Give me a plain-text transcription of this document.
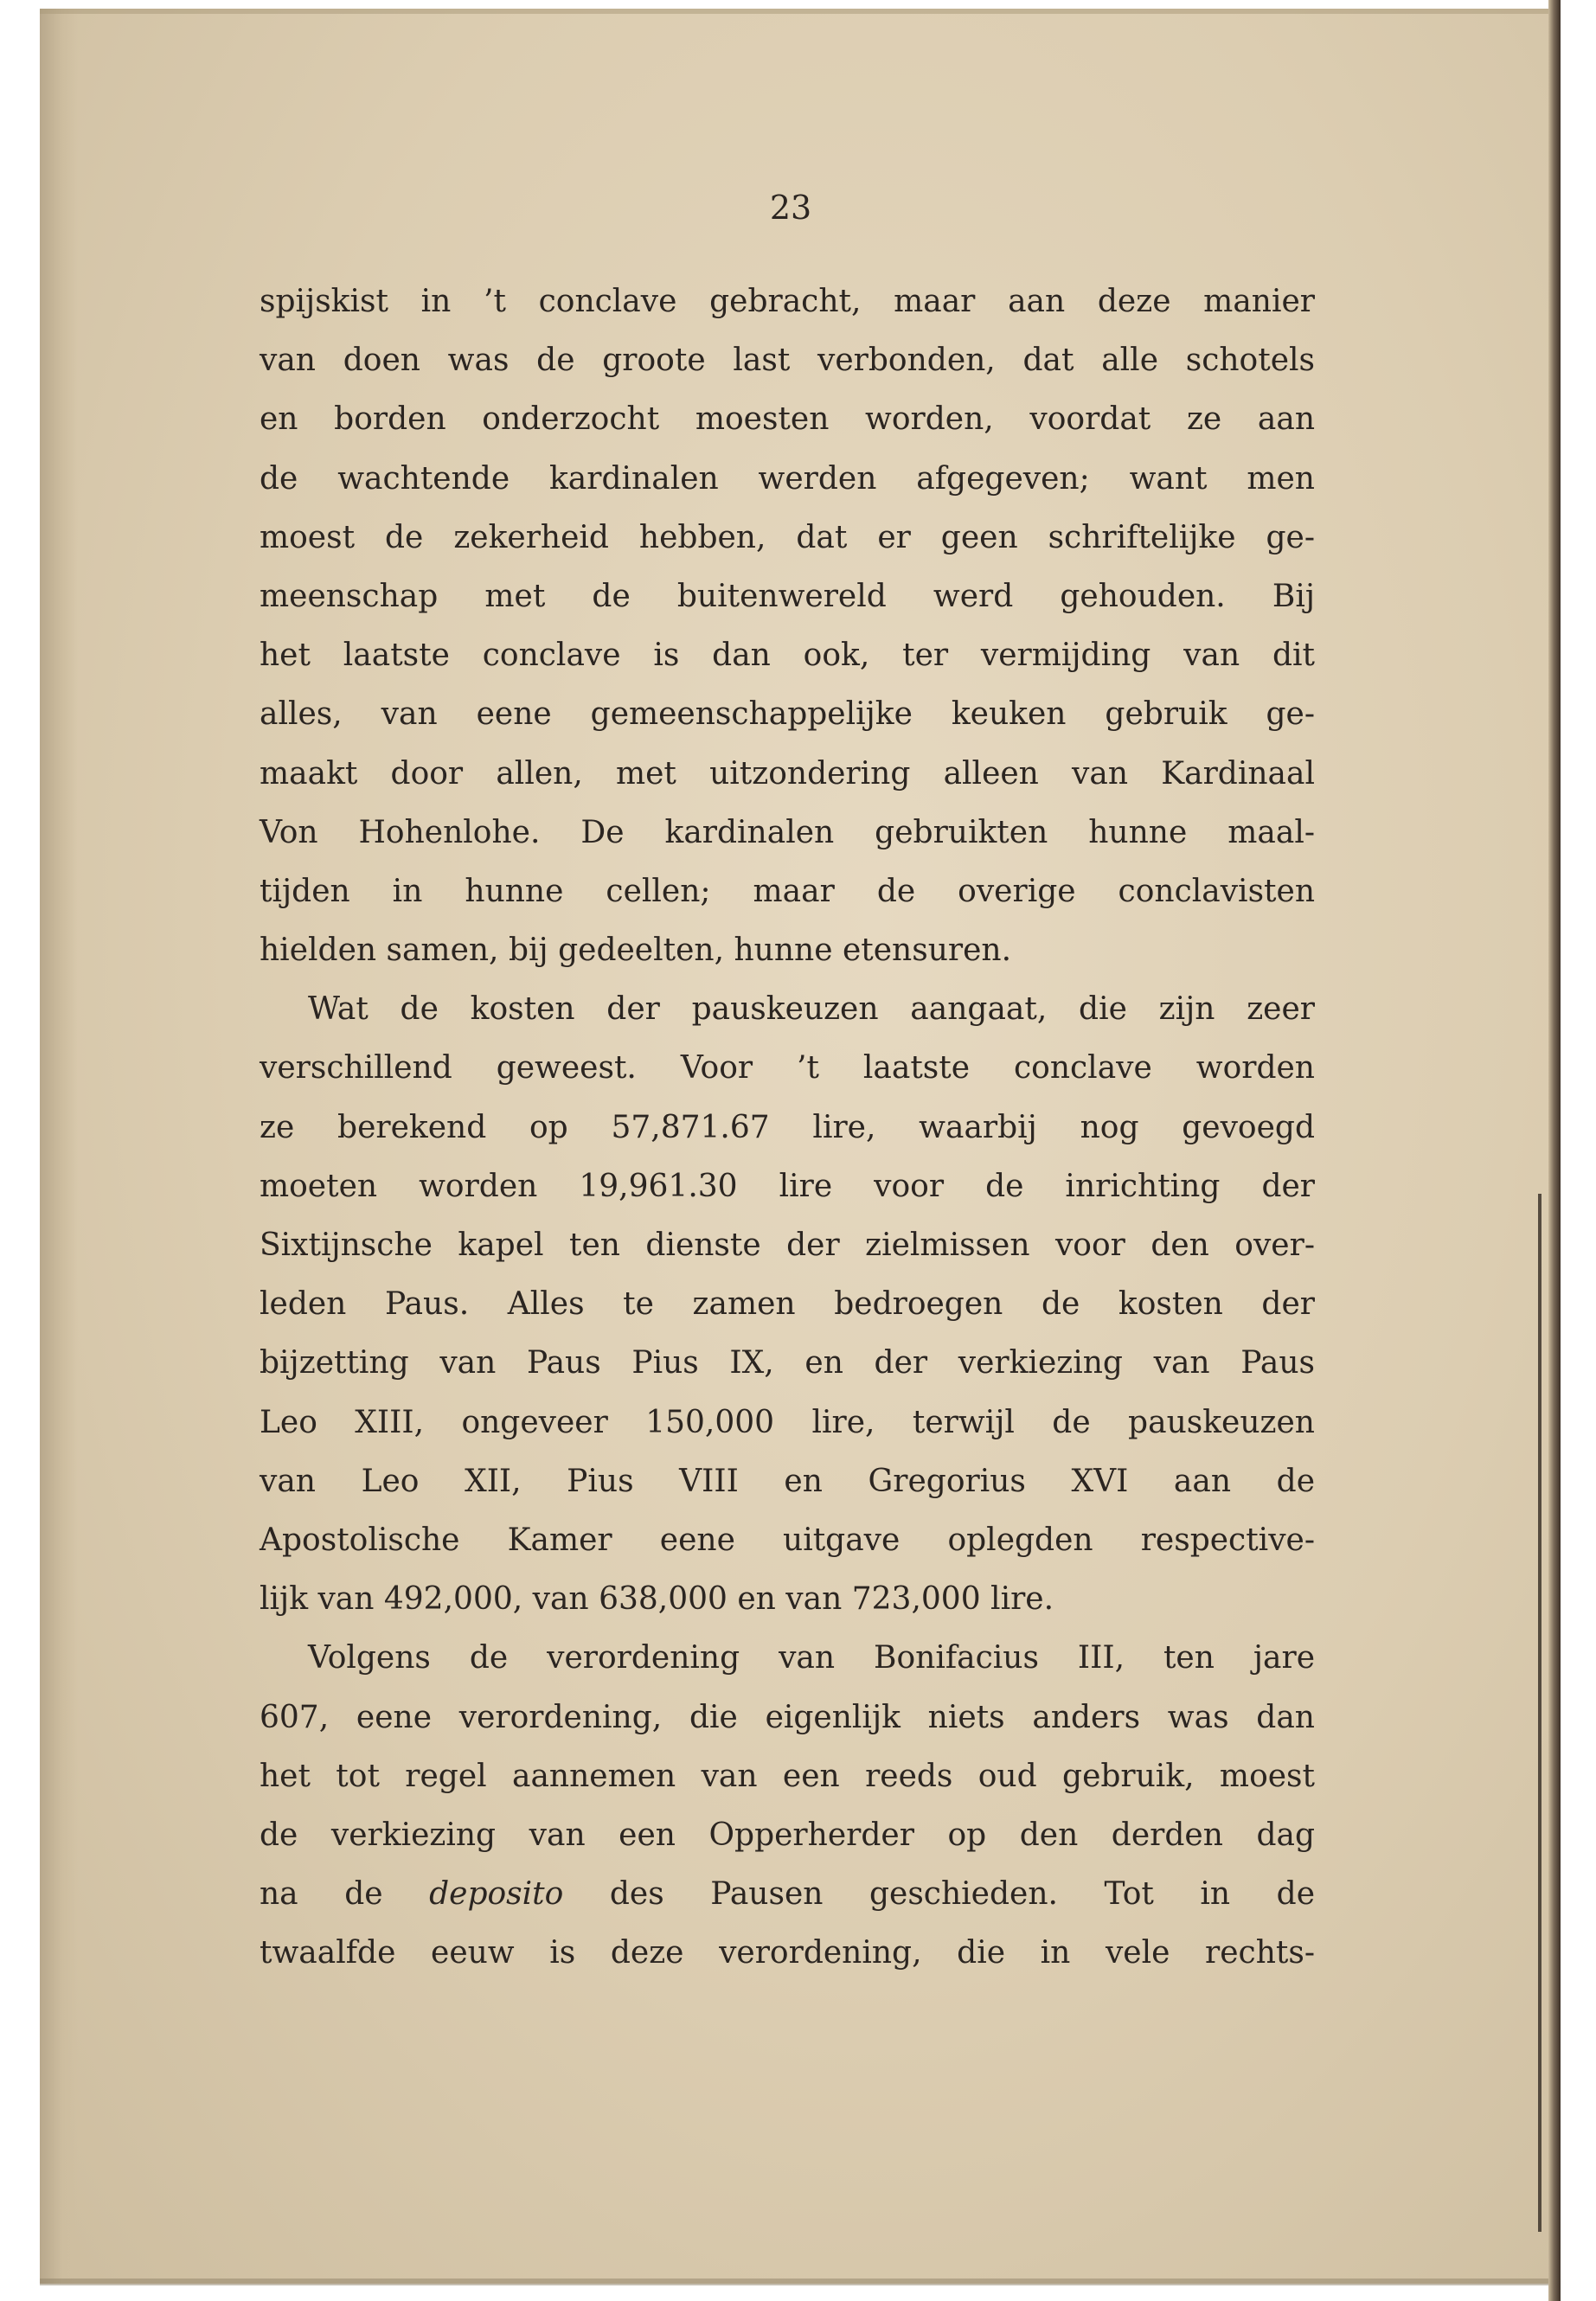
23
spijskist in ’t conclave gebracht, maar aan deze manier
van doen was de groote last verbonden, dat alle schotels
en borden onderzocht moesten worden, voordat ze aan
de wachtende kardinalen werden afgegeven; want men
moest de zekerheid hebben, dat er geen schriftelijke ge-
meenschap met de buitenwereld werd gehouden. Bij
het laatste conclave is dan ook, ter vermijding van dit
alles, van eene gemeenschappelijke keuken gebruik ge-
maakt door allen, met uitzondering alleen van Kardinaal
Von Hohenlohe. De kardinalen gebruikten hunne maal-
tijden in hunne cellen; maar de overige conclavisten
hielden samen, bij gedeelten, hunne etensuren.
Wat de kosten der pauskeuzen aangaat, die zijn zeer
verschillend geweest. Voor ’t laatste conclave worden
ze berekend op 57,871.67 lire, waarbij nog gevoegd
moeten worden 19,961.30 lire voor de inrichting der
Sixtijnsche kapel ten dienste der zielmissen voor den over-
leden Paus. Alles te zamen bedroegen de kosten der
bijzetting van Paus Pius IX, en der verkiezing van Paus
Leo XIII, ongeveer 150,000 lire, terwijl de pauskeuzen
van Leo XII, Pius VIII en Gregorius XVI aan de
Apostolische Kamer eene uitgave oplegden respective-
lijk van 492,000, van 638,000 en van 723,000 lire.
Volgens de verordening van Bonifacius III, ten jare
607, eene verordening, die eigenlijk niets anders was dan
het tot regel aannemen van een reeds oud gebruik, moest
de verkiezing van een Opperherder op den derden dag
na de deposito des Pausen geschieden. Tot in de
twaalfde eeuw is deze verordening, die in vele rechts-
